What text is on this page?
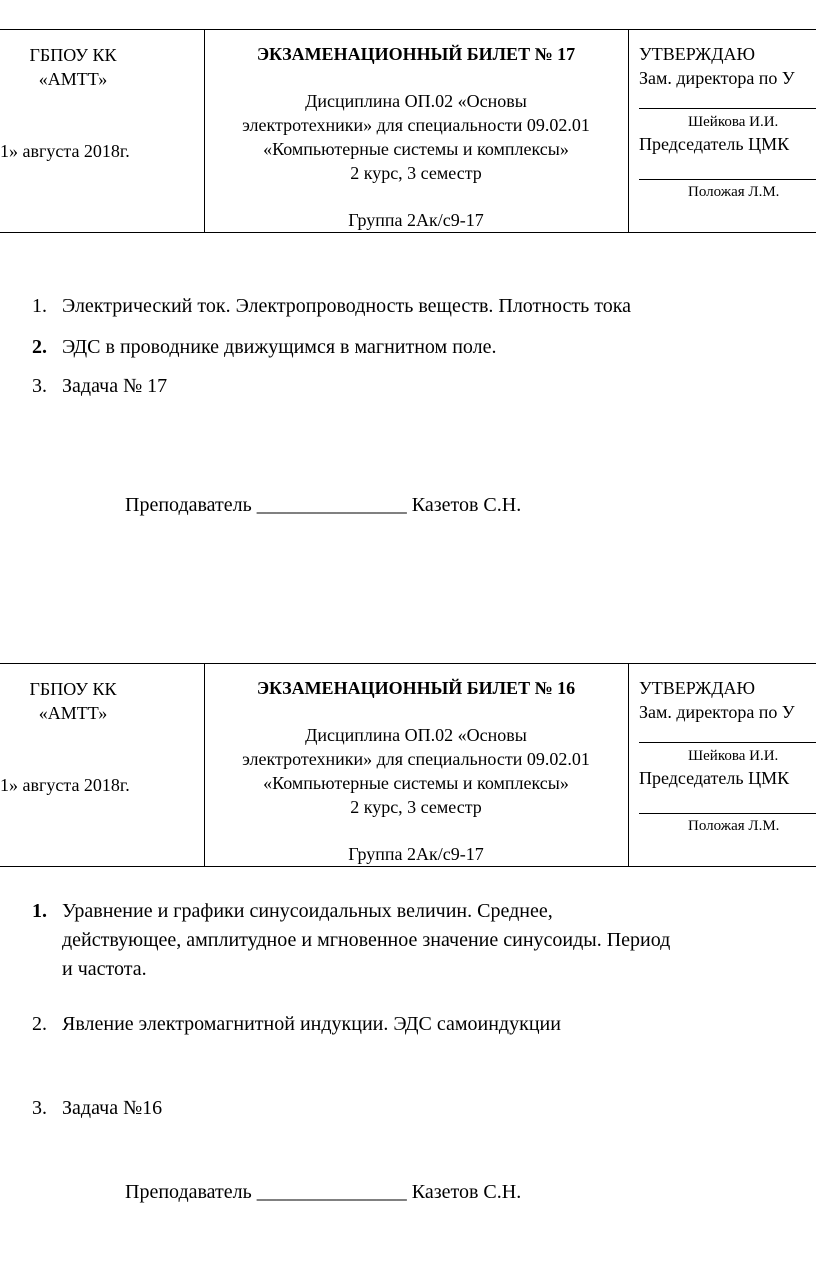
ГБПОУ КК
«АМТТ»
1» августа 2018г.
ЭКЗАМЕНАЦИОННЫЙ БИЛЕТ № 17
Дисциплина ОП.02 «Основы
электротехники» для специальности 09.02.01
«Компьютерные системы и комплексы»
2 курс, 3 семестр
Группа 2Ак/с9-17
УТВЕРЖДАЮ
Зам. директора по У
Шейкова И.И.
Председатель ЦМК
Положая Л.М.
1. Электрический ток. Электропроводность веществ. Плотность тока
2. ЭДС в проводнике движущимся в магнитном поле.
3. Задача № 17
Преподаватель _______________ Казетов С.Н.
ГБПОУ КК
«АМТТ»
1» августа 2018г.
ЭКЗАМЕНАЦИОННЫЙ БИЛЕТ № 16
Дисциплина ОП.02 «Основы
электротехники» для специальности 09.02.01
«Компьютерные системы и комплексы»
2 курс, 3 семестр
Группа 2Ак/с9-17
УТВЕРЖДАЮ
Зам. директора по У
Шейкова И.И.
Председатель ЦМК
Положая Л.М.
1. Уравнение и графики синусоидальных величин. Среднее,
действующее, амплитудное и мгновенное значение синусоиды. Период
и частота.
2. Явление электромагнитной индукции. ЭДС самоиндукции
3. Задача №16
Преподаватель _______________ Казетов С.Н.
